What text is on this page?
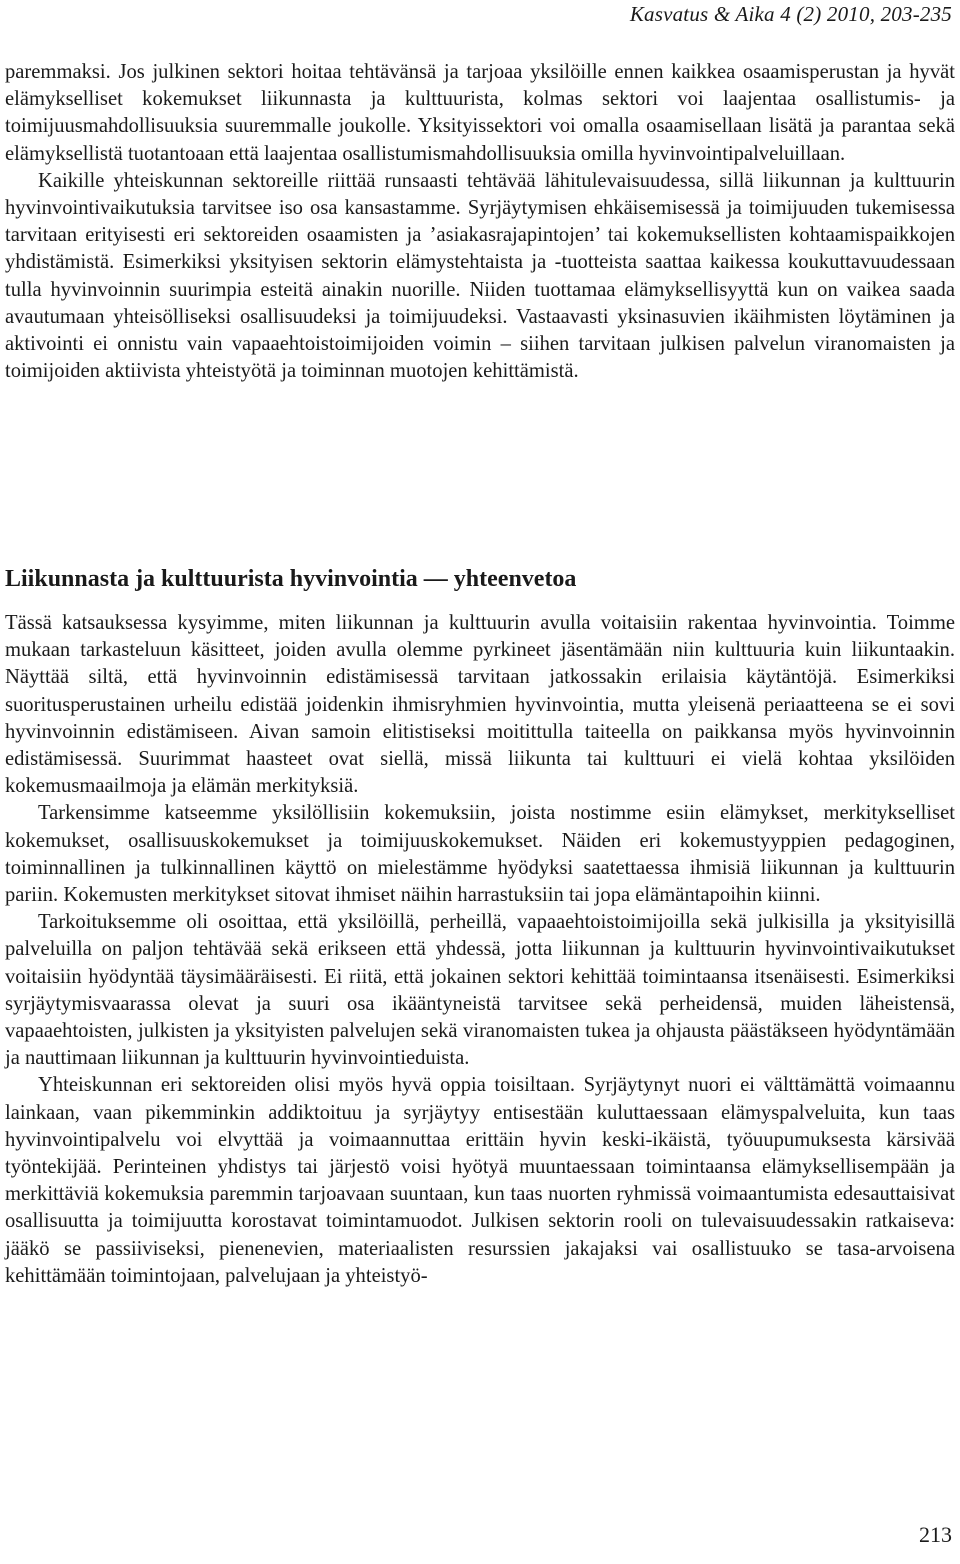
Kasvatus & Aika 4 (2) 2010, 203-235

paremmaksi. Jos julkinen sektori hoitaa tehtävänsä ja tarjoaa yksilöille ennen kaikkea osaamisperustan ja hyvät elämykselliset kokemukset liikunnasta ja kulttuurista, kolmas sektori voi laajentaa osallistumis- ja toimijuusmahdollisuuksia suuremmalle joukolle. Yksityissektori voi omalla osaamisellaan lisätä ja parantaa sekä elämyksellistä tuotantoaan että laajentaa osallistumismahdollisuuksia omilla hyvinvointipalveluillaan.

Kaikille yhteiskunnan sektoreille riittää runsaasti tehtävää lähitulevaisuudessa, sillä liikunnan ja kulttuurin hyvinvointivaikutuksia tarvitsee iso osa kansastamme. Syrjäytymisen ehkäisemisessä ja toimijuuden tukemisessa tarvitaan erityisesti eri sektoreiden osaamisten ja ’asiakasrajapintojen’ tai kokemuksellisten kohtaamispaikkojen yhdistämistä. Esimerkiksi yksityisen sektorin elämystehtaista ja -tuotteista saattaa kaikessa koukuttavuudessaan tulla hyvinvoinnin suurimpia esteitä ainakin nuorille. Niiden tuottamaa elämyksellisyyttä kun on vaikea saada avautumaan yhteisölliseksi osallisuudeksi ja toimijuudeksi. Vastaavasti yksinasuvien ikäihmisten löytäminen ja aktivointi ei onnistu vain vapaaehtoistoimijoiden voimin – siihen tarvitaan julkisen palvelun viranomaisten ja toimijoiden aktiivista yhteistyötä ja toiminnan muotojen kehittämistä.

Liikunnasta ja kulttuurista hyvinvointia — yhteenvetoa

Tässä katsauksessa kysyimme, miten liikunnan ja kulttuurin avulla voitaisiin rakentaa hyvinvointia. Toimme mukaan tarkasteluun käsitteet, joiden avulla olemme pyrkineet jäsentämään niin kulttuuria kuin liikuntaakin. Näyttää siltä, että hyvinvoinnin edistämisessä tarvitaan jatkossakin erilaisia käytäntöjä. Esimerkiksi suoritusperustainen urheilu edistää joidenkin ihmisryhmien hyvinvointia, mutta yleisenä periaatteena se ei sovi hyvinvoinnin edistämiseen. Aivan samoin elitistiseksi moitittulla taiteella on paikkansa myös hyvinvoinnin edistämisessä. Suurimmat haasteet ovat siellä, missä liikunta tai kulttuuri ei vielä kohtaa yksilöiden kokemusmaailmoja ja elämän merkityksiä.

Tarkensimme katseemme yksilöllisiin kokemuksiin, joista nostimme esiin elämykset, merkitykselliset kokemukset, osallisuuskokemukset ja toimijuuskokemukset. Näiden eri kokemustyyppien pedagoginen, toiminnallinen ja tulkinnallinen käyttö on mielestämme hyödyksi saatettaessa ihmisiä liikunnan ja kulttuurin pariin. Kokemusten merkitykset sitovat ihmiset näihin harrastuksiin tai jopa elämäntapoihin kiinni.

Tarkoituksemme oli osoittaa, että yksilöillä, perheillä, vapaaehtoistoimijoilla sekä julkisilla ja yksityisillä palveluilla on paljon tehtävää sekä erikseen että yhdessä, jotta liikunnan ja kulttuurin hyvinvointivaikutukset voitaisiin hyödyntää täysimääräisesti. Ei riitä, että jokainen sektori kehittää toimintaansa itsenäisesti. Esimerkiksi syrjäytymisvaarassa olevat ja suuri osa ikääntyneistä tarvitsee sekä perheidensä, muiden läheistensä, vapaaehtoisten, julkisten ja yksityisten palvelujen sekä viranomaisten tukea ja ohjausta päästäkseen hyödyntämään ja nauttimaan liikunnan ja kulttuurin hyvinvointieduista.

Yhteiskunnan eri sektoreiden olisi myös hyvä oppia toisiltaan. Syrjäytynyt nuori ei välttämättä voimaannu lainkaan, vaan pikemminkin addiktoituu ja syrjäytyy entisestään kuluttaessaan elämyspalveluita, kun taas hyvinvointipalvelu voi elvyttää ja voimaannuttaa erittäin hyvin keski-ikäistä, työuupumuksesta kärsivää työntekijää. Perinteinen yhdistys tai järjestö voisi hyötyä muuntaessaan toimintaansa elämyksellisempään ja merkittäviä kokemuksia paremmin tarjoavaan suuntaan, kun taas nuorten ryhmissä voimaantumista edesauttaisivat osallisuutta ja toimijuutta korostavat toimintamuodot. Julkisen sektorin rooli on tulevaisuudessakin ratkaiseva: jääkö se passiiviseksi, pienenevien, materiaalisten resurssien jakajaksi vai osallistuuko se tasa-arvoisena kehittämään toimintojaan, palvelujaan ja yhteistyö-

213
